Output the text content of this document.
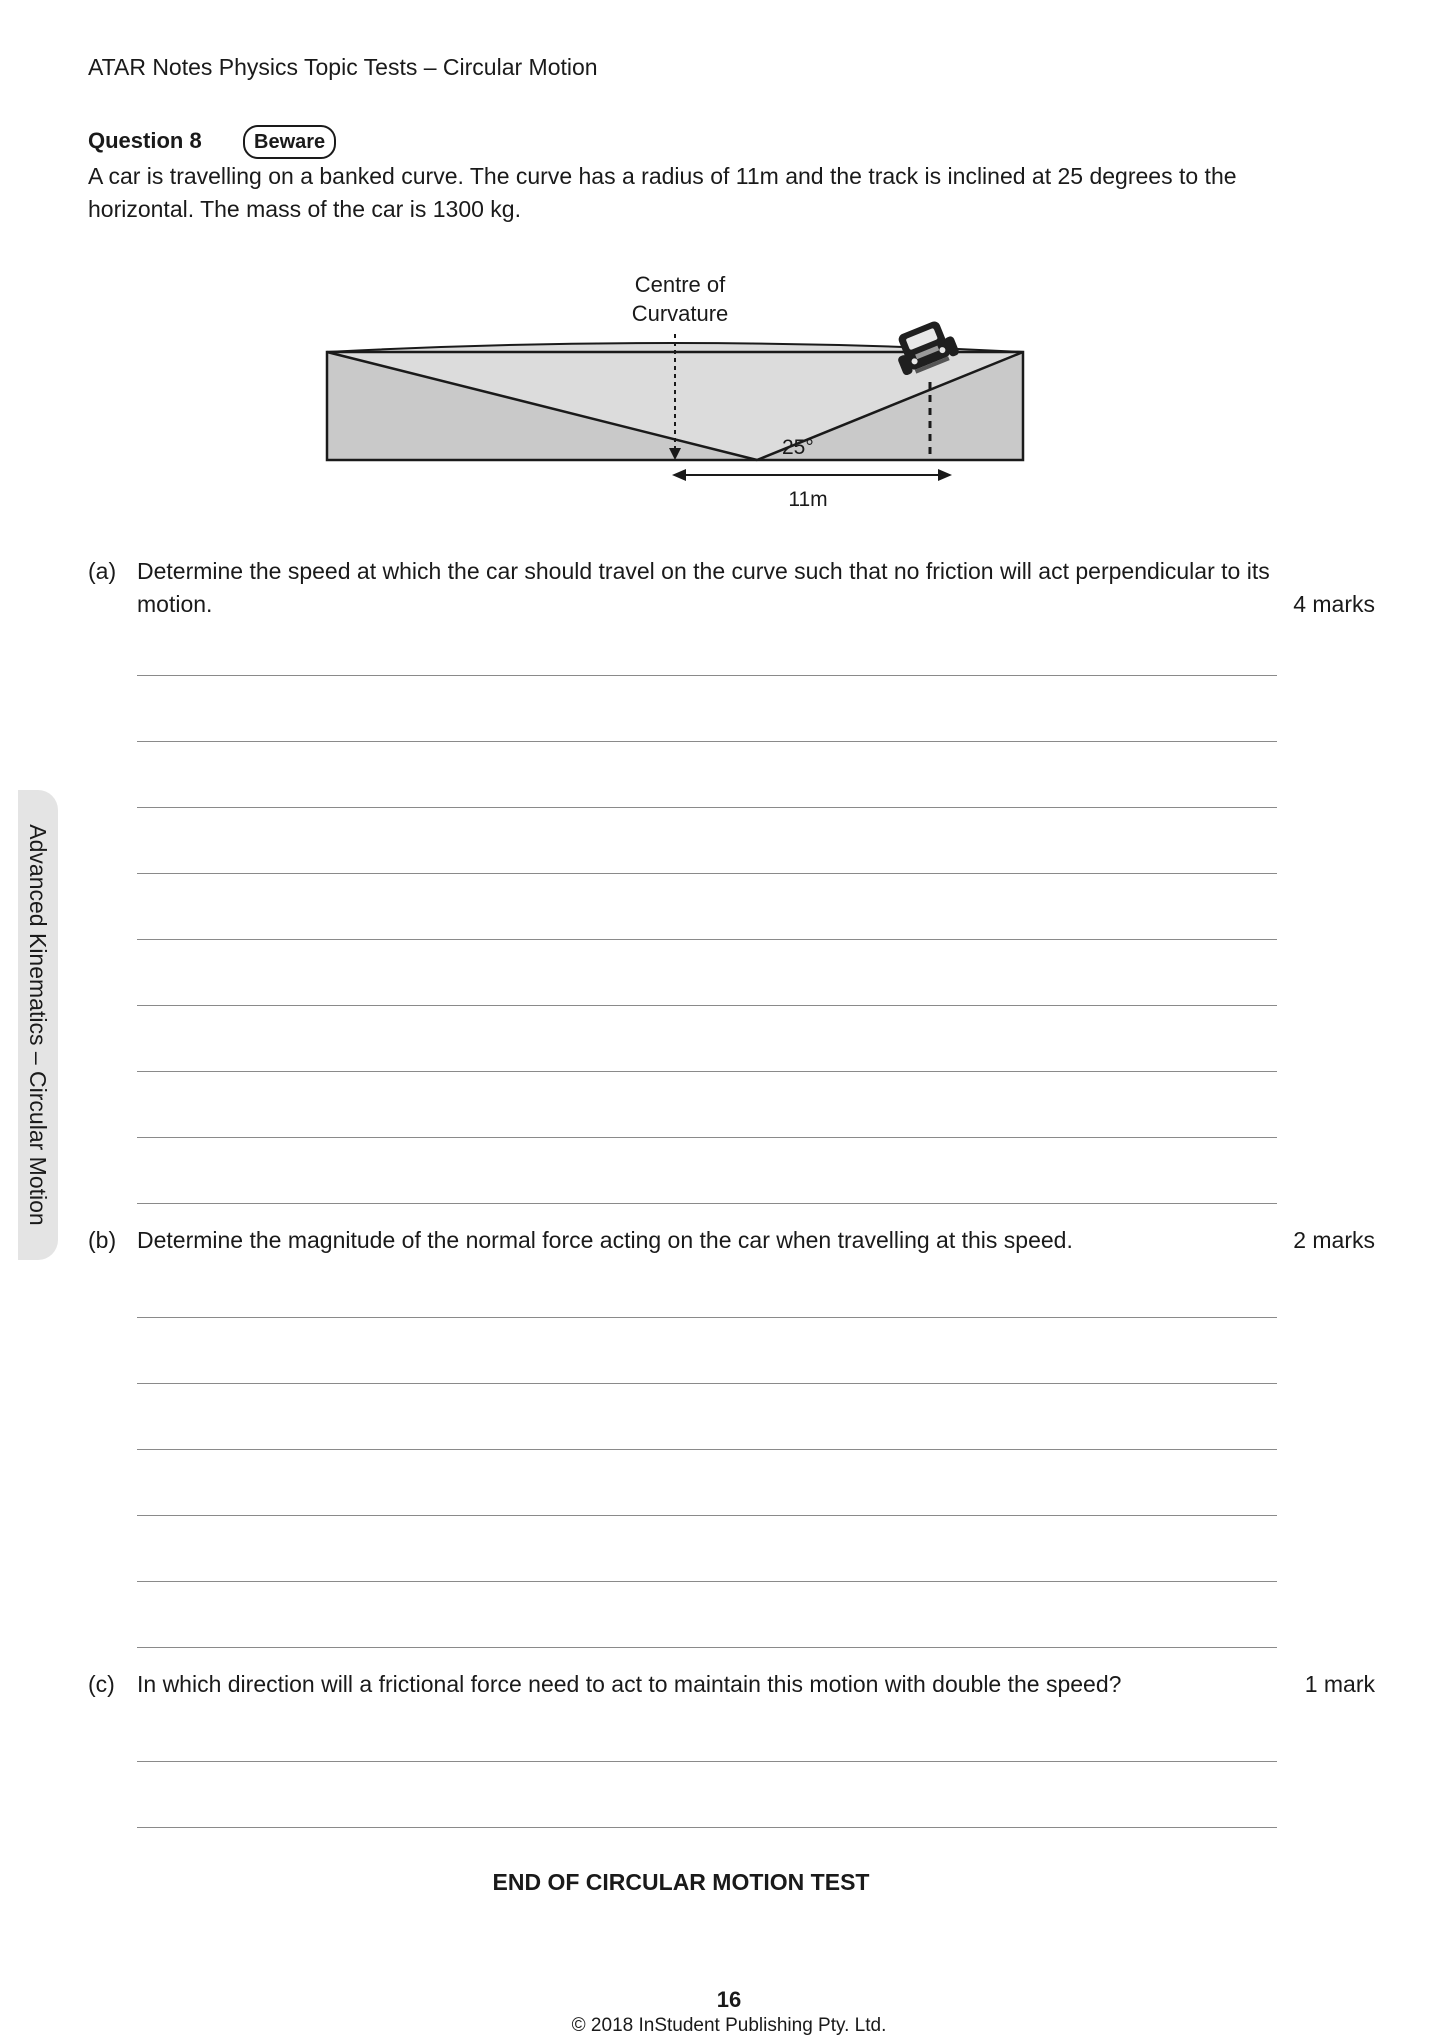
ATAR Notes Physics Topic Tests – Circular Motion
Advanced Kinematics – Circular Motion
Question 8	Beware
A car is travelling on a banked curve. The curve has a radius of 11m and the track is inclined at 25 degrees to the horizontal. The mass of the car is 1300 kg.
Centre of
Curvature
25°
11m
(a) Determine the speed at which the car should travel on the curve such that no friction will act perpendicular to its motion.	4 marks
(b) Determine the magnitude of the normal force acting on the car when travelling at this speed.	2 marks
(c) In which direction will a frictional force need to act to maintain this motion with double the speed?	1 mark
END OF CIRCULAR MOTION TEST
16
© 2018 InStudent Publishing Pty. Ltd.
